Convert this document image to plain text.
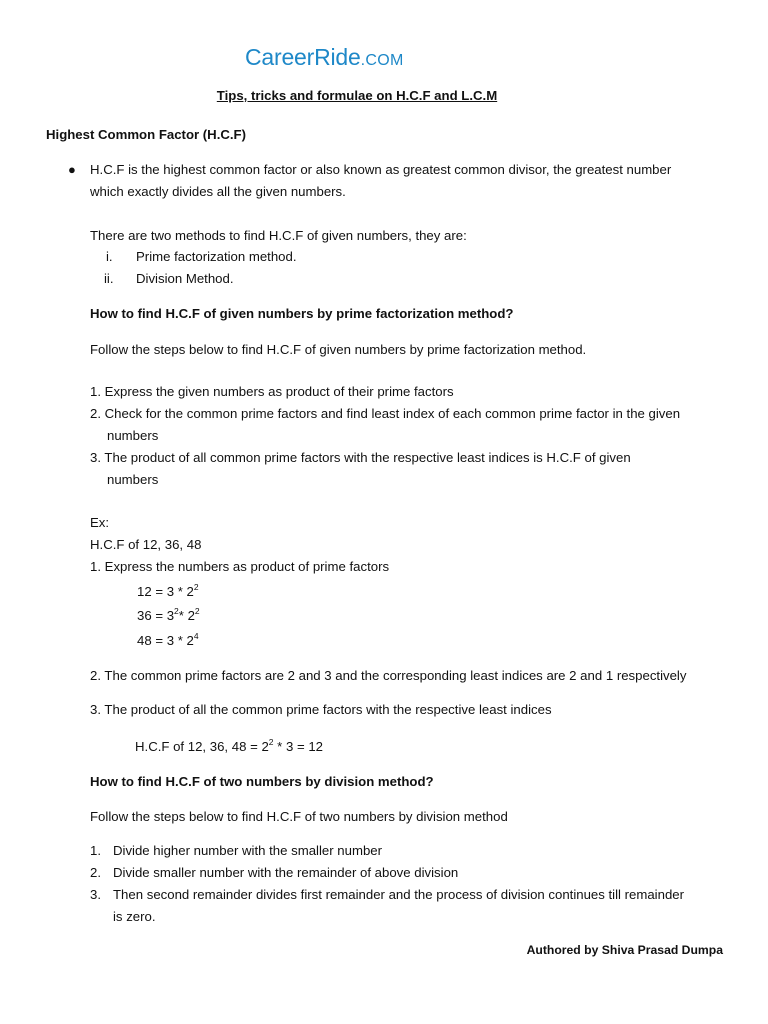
CareerRide.COM
Tips, tricks and formulae on H.C.F and L.C.M
Highest Common Factor (H.C.F)
● H.C.F is the highest common factor or also known as greatest common divisor, the greatest number
which exactly divides all the given numbers.
There are two methods to find H.C.F of given numbers, they are:
i. Prime factorization method.
ii. Division Method.
How to find H.C.F of given numbers by prime factorization method?
Follow the steps below to find H.C.F of given numbers by prime factorization method.
1. Express the given numbers as product of their prime factors
2. Check for the common prime factors and find least index of each common prime factor in the given
numbers
3. The product of all common prime factors with the respective least indices is H.C.F of given
numbers
Ex:
H.C.F of 12, 36, 48
1. Express the numbers as product of prime factors
$12 = 3 * 2^2$
$36 = 3^2*$ $2^2$
$48 = 3 * 2^4$
2. The common prime factors are 2 and 3 and the corresponding least indices are 2 and 1 respectively
3. The product of all the common prime factors with the respective least indices
H.C.F of 12, 36, $48 = 2^2 * 3 = 12$
How to find H.C.F of two numbers by division method?
Follow the steps below to find H.C.F of two numbers by division method
1. Divide higher number with the smaller number
2. Divide smaller number with the remainder of above division
3. Then second remainder divides first remainder and the process of division continues till remainder
is zero.
Authored by Shiva Prasad Dumpa
